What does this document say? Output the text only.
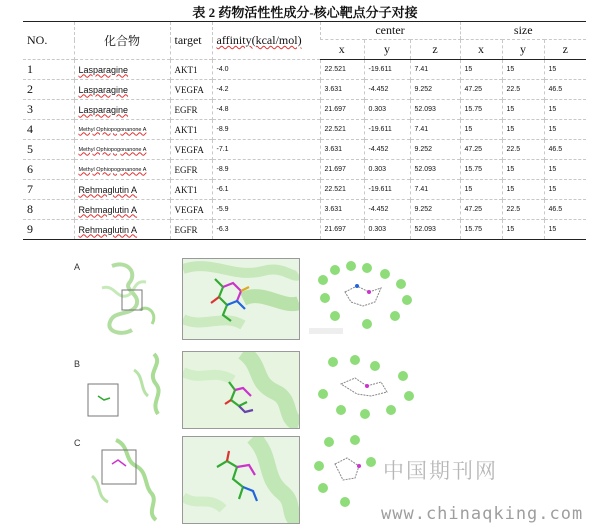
表 2 药物活性性成分-核心靶点分子对接
NO.	化合物	target	affinity(kcal/mol)	center			size		
				x	y	z	x	y	z
1	Lasparagine	AKT1	-4.0	22.521	-19.611	7.41	15	15	15
2	Lasparagine	VEGFA	-4.2	3.631	-4.452	9.252	47.25	22.5	46.5
3	Lasparagine	EGFR	-4.8	21.697	0.303	52.093	15.75	15	15
4	Methyl Ophiopogonanone A	AKT1	-8.9	22.521	-19.611	7.41	15	15	15
5	Methyl Ophiopogonanone A	VEGFA	-7.1	3.631	-4.452	9.252	47.25	22.5	46.5
6	Methyl Ophiopogonanone A	EGFR	-8.9	21.697	0.303	52.093	15.75	15	15
7	Rehmaglutin A	AKT1	-6.1	22.521	-19.611	7.41	15	15	15
8	Rehmaglutin A	VEGFA	-5.9	3.631	-4.452	9.252	47.25	22.5	46.5
9	Rehmaglutin A	EGFR	-6.3	21.697	0.303	52.093	15.75	15	15
A
B
C
中国期刊网
www.chinaqking.com
